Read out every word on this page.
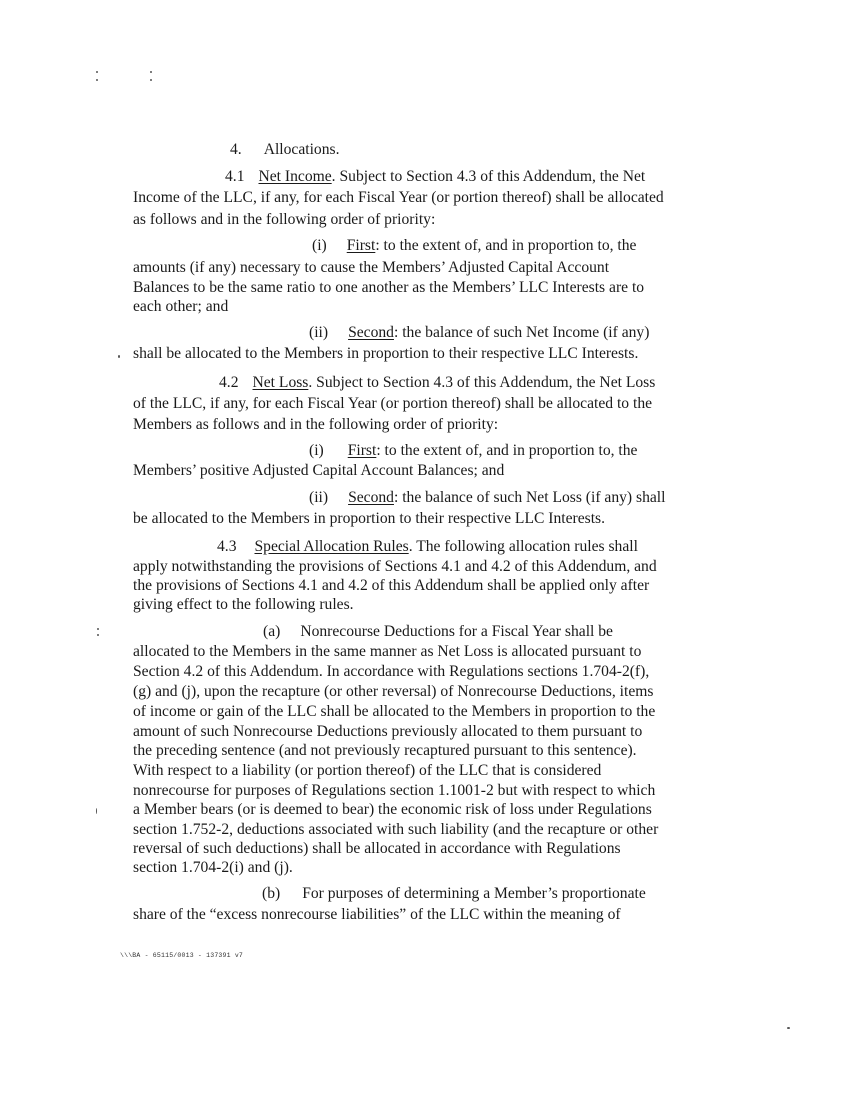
4. Allocations.
4.1 Net Income. Subject to Section 4.3 of this Addendum, the Net
Income of the LLC, if any, for each Fiscal Year (or portion thereof) shall be allocated
as follows and in the following order of priority:
(i) First: to the extent of, and in proportion to, the
amounts (if any) necessary to cause the Members’ Adjusted Capital Account
Balances to be the same ratio to one another as the Members’ LLC Interests are to
each other; and
(ii) Second: the balance of such Net Income (if any)
shall be allocated to the Members in proportion to their respective LLC Interests.
4.2 Net Loss. Subject to Section 4.3 of this Addendum, the Net Loss
of the LLC, if any, for each Fiscal Year (or portion thereof) shall be allocated to the
Members as follows and in the following order of priority:
(i) First: to the extent of, and in proportion to, the
Members’ positive Adjusted Capital Account Balances; and
(ii) Second: the balance of such Net Loss (if any) shall
be allocated to the Members in proportion to their respective LLC Interests.
4.3 Special Allocation Rules. The following allocation rules shall
apply notwithstanding the provisions of Sections 4.1 and 4.2 of this Addendum, and
the provisions of Sections 4.1 and 4.2 of this Addendum shall be applied only after
giving effect to the following rules.
(a) Nonrecourse Deductions for a Fiscal Year shall be
allocated to the Members in the same manner as Net Loss is allocated pursuant to
Section 4.2 of this Addendum. In accordance with Regulations sections 1.704-2(f),
(g) and (j), upon the recapture (or other reversal) of Nonrecourse Deductions, items
of income or gain of the LLC shall be allocated to the Members in proportion to the
amount of such Nonrecourse Deductions previously allocated to them pursuant to
the preceding sentence (and not previously recaptured pursuant to this sentence).
With respect to a liability (or portion thereof) of the LLC that is considered
nonrecourse for purposes of Regulations section 1.1001-2 but with respect to which
a Member bears (or is deemed to bear) the economic risk of loss under Regulations
section 1.752-2, deductions associated with such liability (and the recapture or other
reversal of such deductions) shall be allocated in accordance with Regulations
section 1.704-2(i) and (j).
(b) For purposes of determining a Member’s proportionate
share of the “excess nonrecourse liabilities” of the LLC within the meaning of
\\\BA - 65115/0013 - 137391 v7
